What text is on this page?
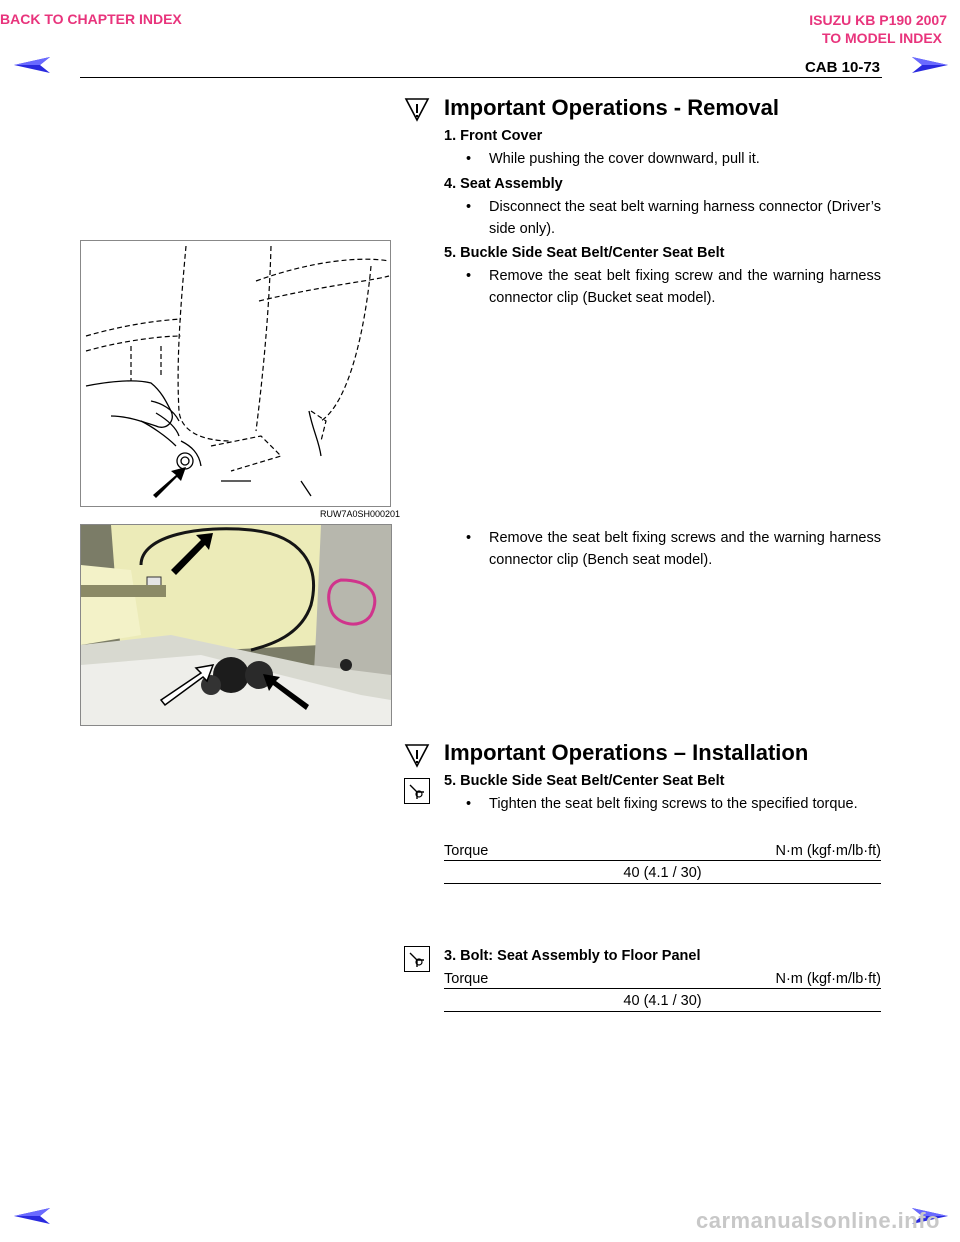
BACK TO CHAPTER INDEX	ISUZU KB P190 2007
TO MODEL INDEX
CAB 10-73
Important Operations - Removal
1. Front Cover
• While pushing the cover downward, pull it.
4. Seat Assembly
• Disconnect the seat belt warning harness connector (Driver’s side only).
5. Buckle Side Seat Belt/Center Seat Belt
• Remove the seat belt fixing screw and the warning harness connector clip (Bucket seat model).
RUW7A0SH000201
• Remove the seat belt fixing screws and the warning harness connector clip (Bench seat model).
Important Operations – Installation
5. Buckle Side Seat Belt/Center Seat Belt
• Tighten the seat belt fixing screws to the specified torque.
Torque	N·m (kgf·m/lb·ft)
40 (4.1 / 30)
3. Bolt: Seat Assembly to Floor Panel
Torque	N·m (kgf·m/lb·ft)
40 (4.1 / 30)
carmanualsonline.info
